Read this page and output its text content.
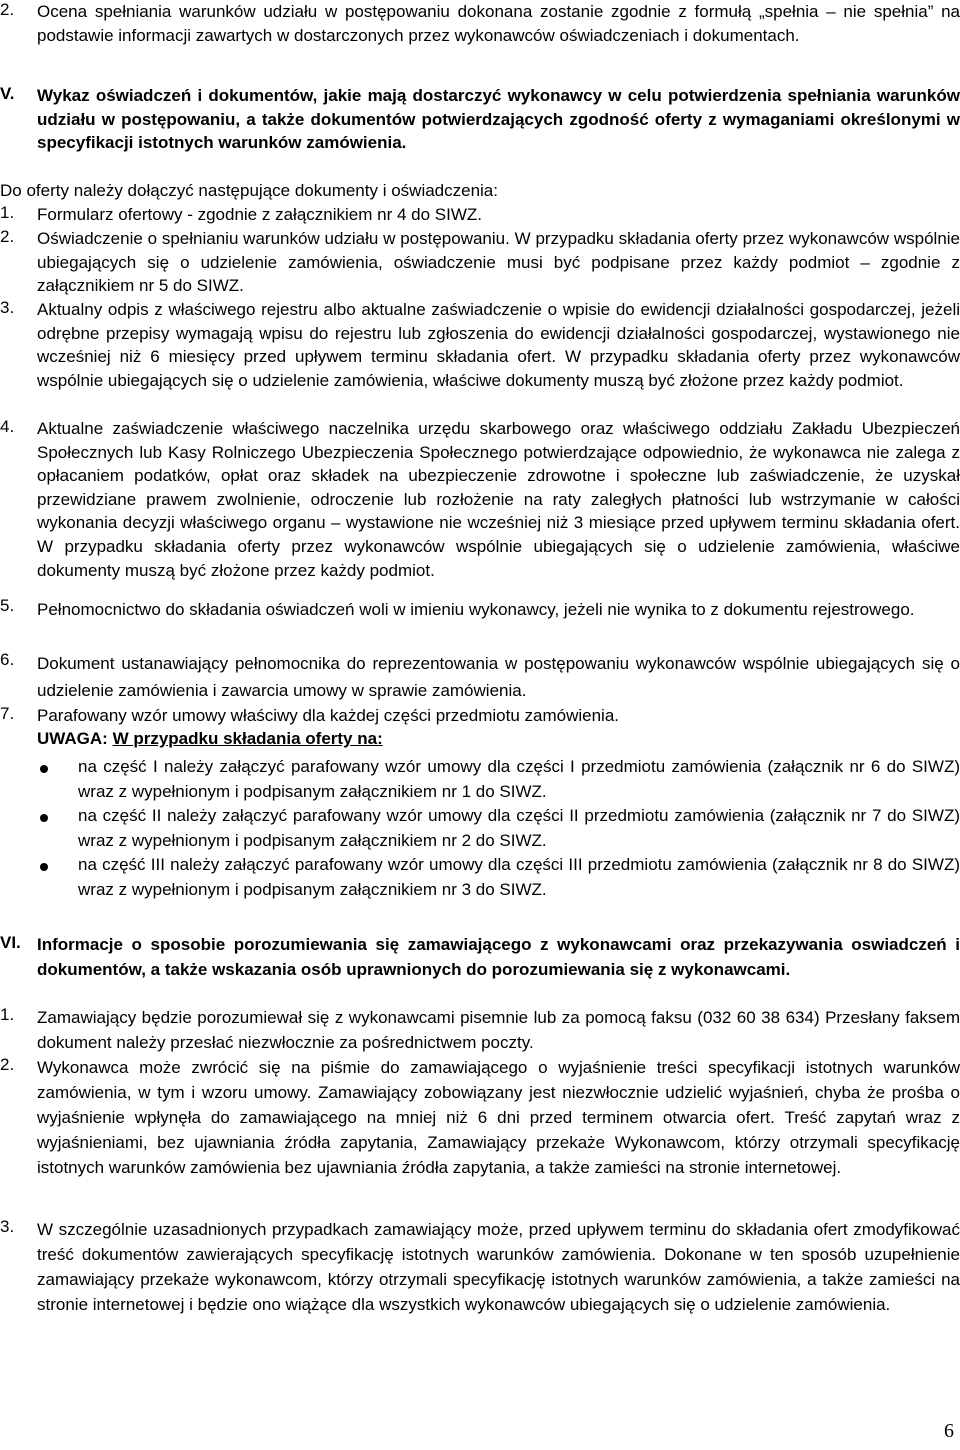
2. Ocena spełniania warunków udziału w postępowaniu dokonana zostanie zgodnie z formułą „spełnia – nie spełnia” na podstawie informacji zawartych w dostarczonych przez wykonawców oświadczeniach i dokumentach.
V. Wykaz oświadczeń i dokumentów, jakie mają dostarczyć wykonawcy w celu potwierdzenia spełniania warunków udziału w postępowaniu, a także dokumentów potwierdzających zgodność oferty z wymaganiami określonymi w specyfikacji istotnych warunków zamówienia.
Do oferty należy dołączyć następujące dokumenty i oświadczenia:
1. Formularz ofertowy - zgodnie z załącznikiem nr 4 do SIWZ.
2. Oświadczenie o spełnianiu warunków udziału w postępowaniu. W przypadku składania oferty przez wykonawców wspólnie ubiegających się o udzielenie zamówienia, oświadczenie musi być podpisane przez każdy podmiot – zgodnie z załącznikiem nr 5 do SIWZ.
3. Aktualny odpis z właściwego rejestru albo aktualne zaświadczenie o wpisie do ewidencji działalności gospodarczej, jeżeli odrębne przepisy wymagają wpisu do rejestru lub zgłoszenia do ewidencji działalności gospodarczej, wystawionego nie wcześniej niż 6 miesięcy przed upływem terminu składania ofert. W przypadku składania oferty przez wykonawców wspólnie ubiegających się o udzielenie zamówienia, właściwe dokumenty muszą być złożone przez każdy podmiot.
4. Aktualne zaświadczenie właściwego naczelnika urzędu skarbowego oraz właściwego oddziału Zakładu Ubezpieczeń Społecznych lub Kasy Rolniczego Ubezpieczenia Społecznego potwierdzające odpowiednio, że wykonawca nie zalega z opłacaniem podatków, opłat oraz składek na ubezpieczenie zdrowotne i społeczne lub zaświadczenie, że uzyskał przewidziane prawem zwolnienie, odroczenie lub rozłożenie na raty zaległych płatności lub wstrzymanie w całości wykonania decyzji właściwego organu – wystawione nie wcześniej niż 3 miesiące przed upływem terminu składania ofert. W przypadku składania oferty przez wykonawców wspólnie ubiegających się o udzielenie zamówienia, właściwe dokumenty muszą być złożone przez każdy podmiot.
5. Pełnomocnictwo do składania oświadczeń woli w imieniu wykonawcy, jeżeli nie wynika to z dokumentu rejestrowego.
6. Dokument ustanawiający pełnomocnika do reprezentowania w postępowaniu wykonawców wspólnie ubiegających się o udzielenie zamówienia i zawarcia umowy w sprawie zamówienia.
7. Parafowany wzór umowy właściwy dla każdej części przedmiotu zamówienia.
UWAGA: W przypadku składania oferty na:
na część I należy załączyć parafowany wzór umowy dla części I przedmiotu zamówienia (załącznik nr 6 do SIWZ) wraz z wypełnionym i podpisanym załącznikiem nr 1 do SIWZ.
na część II należy załączyć parafowany wzór umowy dla części II przedmiotu zamówienia (załącznik nr 7 do SIWZ) wraz z wypełnionym i podpisanym załącznikiem nr 2 do SIWZ.
na część III należy załączyć parafowany wzór umowy dla części III przedmiotu zamówienia (załącznik nr 8 do SIWZ) wraz z wypełnionym i podpisanym załącznikiem nr 3 do SIWZ.
VI. Informacje o sposobie porozumiewania się zamawiającego z wykonawcami oraz przekazywania oswiadczeń i dokumentów, a także wskazania osób uprawnionych do porozumiewania się z wykonawcami.
1. Zamawiający będzie porozumiewał się z wykonawcami pisemnie lub za pomocą faksu (032 60 38 634) Przesłany faksem dokument należy przesłać niezwłocznie za pośrednictwem poczty.
2. Wykonawca może zwrócić się na piśmie do zamawiającego o wyjaśnienie treści specyfikacji istotnych warunków zamówienia, w tym i wzoru umowy. Zamawiający zobowiązany jest niezwłocznie udzielić wyjaśnień, chyba że prośba o wyjaśnienie wpłynęła do zamawiającego na mniej niż 6 dni przed terminem otwarcia ofert. Treść zapytań wraz z wyjaśnieniami, bez ujawniania źródła zapytania, Zamawiający przekaże Wykonawcom, którzy otrzymali specyfikację istotnych warunków zamówienia bez ujawniania źródła zapytania, a także zamieści na stronie internetowej.
3. W szczególnie uzasadnionych przypadkach zamawiający może, przed upływem terminu do składania ofert zmodyfikować treść dokumentów zawierających specyfikację istotnych warunków zamówienia. Dokonane w ten sposób uzupełnienie zamawiający przekaże wykonawcom, którzy otrzymali specyfikację istotnych warunków zamówienia, a także zamieści na stronie internetowej i będzie ono wiążące dla wszystkich wykonawców ubiegających się o udzielenie zamówienia.
6
